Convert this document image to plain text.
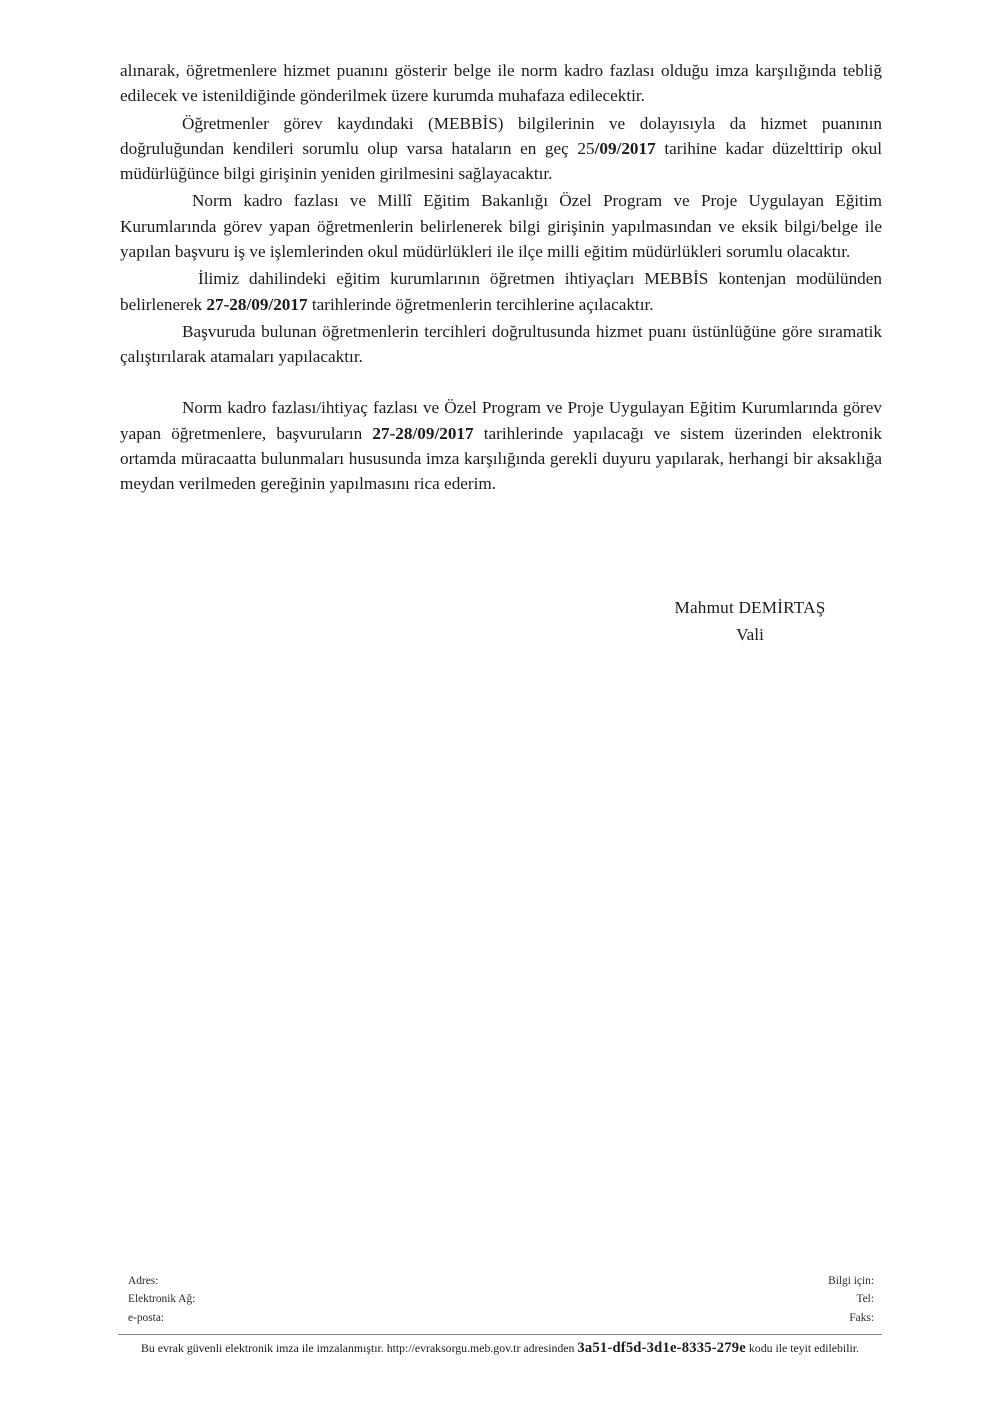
alınarak, öğretmenlere hizmet puanını gösterir belge ile norm kadro fazlası olduğu imza karşılığında tebliğ edilecek ve istenildiğinde gönderilmek üzere kurumda muhafaza edilecektir.

Öğretmenler görev kaydındaki (MEBBİS) bilgilerinin ve dolayısıyla da hizmet puanının doğruluğundan kendileri sorumlu olup varsa hataların en geç 25/09/2017 tarihine kadar düzelttirip okul müdürlüğünce bilgi girişinin yeniden girilmesini sağlayacaktır.

Norm kadro fazlası ve Millî Eğitim Bakanlığı Özel Program ve Proje Uygulayan Eğitim Kurumlarında görev yapan öğretmenlerin belirlenerek bilgi girişinin yapılmasından ve eksik bilgi/belge ile yapılan başvuru iş ve işlemlerinden okul müdürlükleri ile ilçe milli eğitim müdürlükleri sorumlu olacaktır.

İlimiz dahilindeki eğitim kurumlarının öğretmen ihtiyaçları MEBBİS kontenjan modülünden belirlenerek 27-28/09/2017 tarihlerinde öğretmenlerin tercihlerine açılacaktır.

Başvuruda bulunan öğretmenlerin tercihleri doğrultusunda hizmet puanı üstünlüğüne göre sıramatik çalıştırılarak atamaları yapılacaktır.

Norm kadro fazlası/ihtiyaç fazlası ve Özel Program ve Proje Uygulayan Eğitim Kurumlarında görev yapan öğretmenlere, başvuruların 27-28/09/2017 tarihlerinde yapılacağı ve sistem üzerinden elektronik ortamda müracaatta bulunmaları hususunda imza karşılığında gerekli duyuru yapılarak, herhangi bir aksaklığa meydan verilmeden gereğinin yapılmasını rica ederim.

Mahmut DEMİRTAŞ
Vali
Adres:
Elektronik Ağ:
e-posta:
Bilgi için:
Tel:
Faks:
Bu evrak güvenli elektronik imza ile imzalanmıştır. http://evraksorgu.meb.gov.tr adresinden 3a51-df5d-3d1e-8335-279e kodu ile teyit edilebilir.
